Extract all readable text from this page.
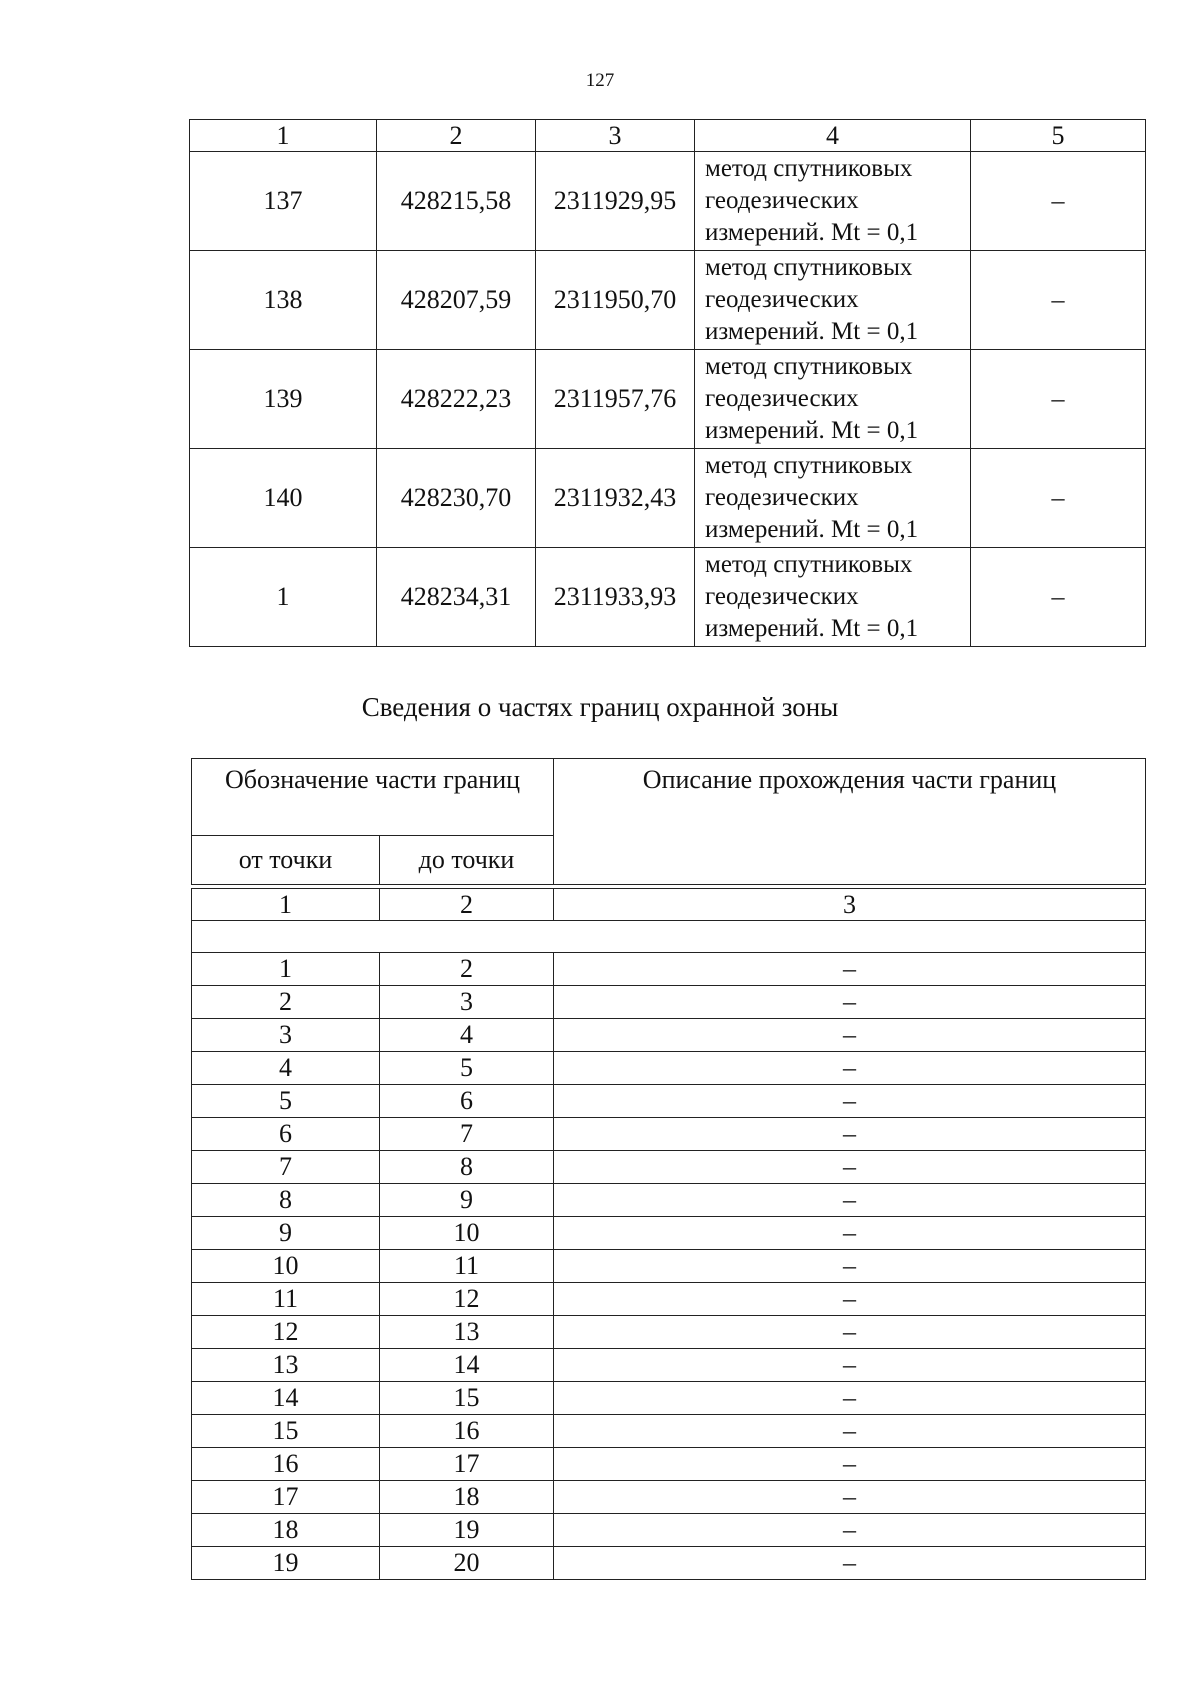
127
1	2	3	4	5
137	428215,58	2311929,95	метод спутниковых
геодезических
измерений. Mt = 0,1	–
138	428207,59	2311950,70	метод спутниковых
геодезических
измерений. Mt = 0,1	–
139	428222,23	2311957,76	метод спутниковых
геодезических
измерений. Mt = 0,1	–
140	428230,70	2311932,43	метод спутниковых
геодезических
измерений. Mt = 0,1	–
1	428234,31	2311933,93	метод спутниковых
геодезических
измерений. Mt = 0,1	–
Сведения о частях границ охранной зоны
Обозначение части границ		Описание прохождения части границ
от точки	до точки	

1	2	3

1	2	–
2	3	–
3	4	–
4	5	–
5	6	–
6	7	–
7	8	–
8	9	–
9	10	–
10	11	–
11	12	–
12	13	–
13	14	–
14	15	–
15	16	–
16	17	–
17	18	–
18	19	–
19	20	–
